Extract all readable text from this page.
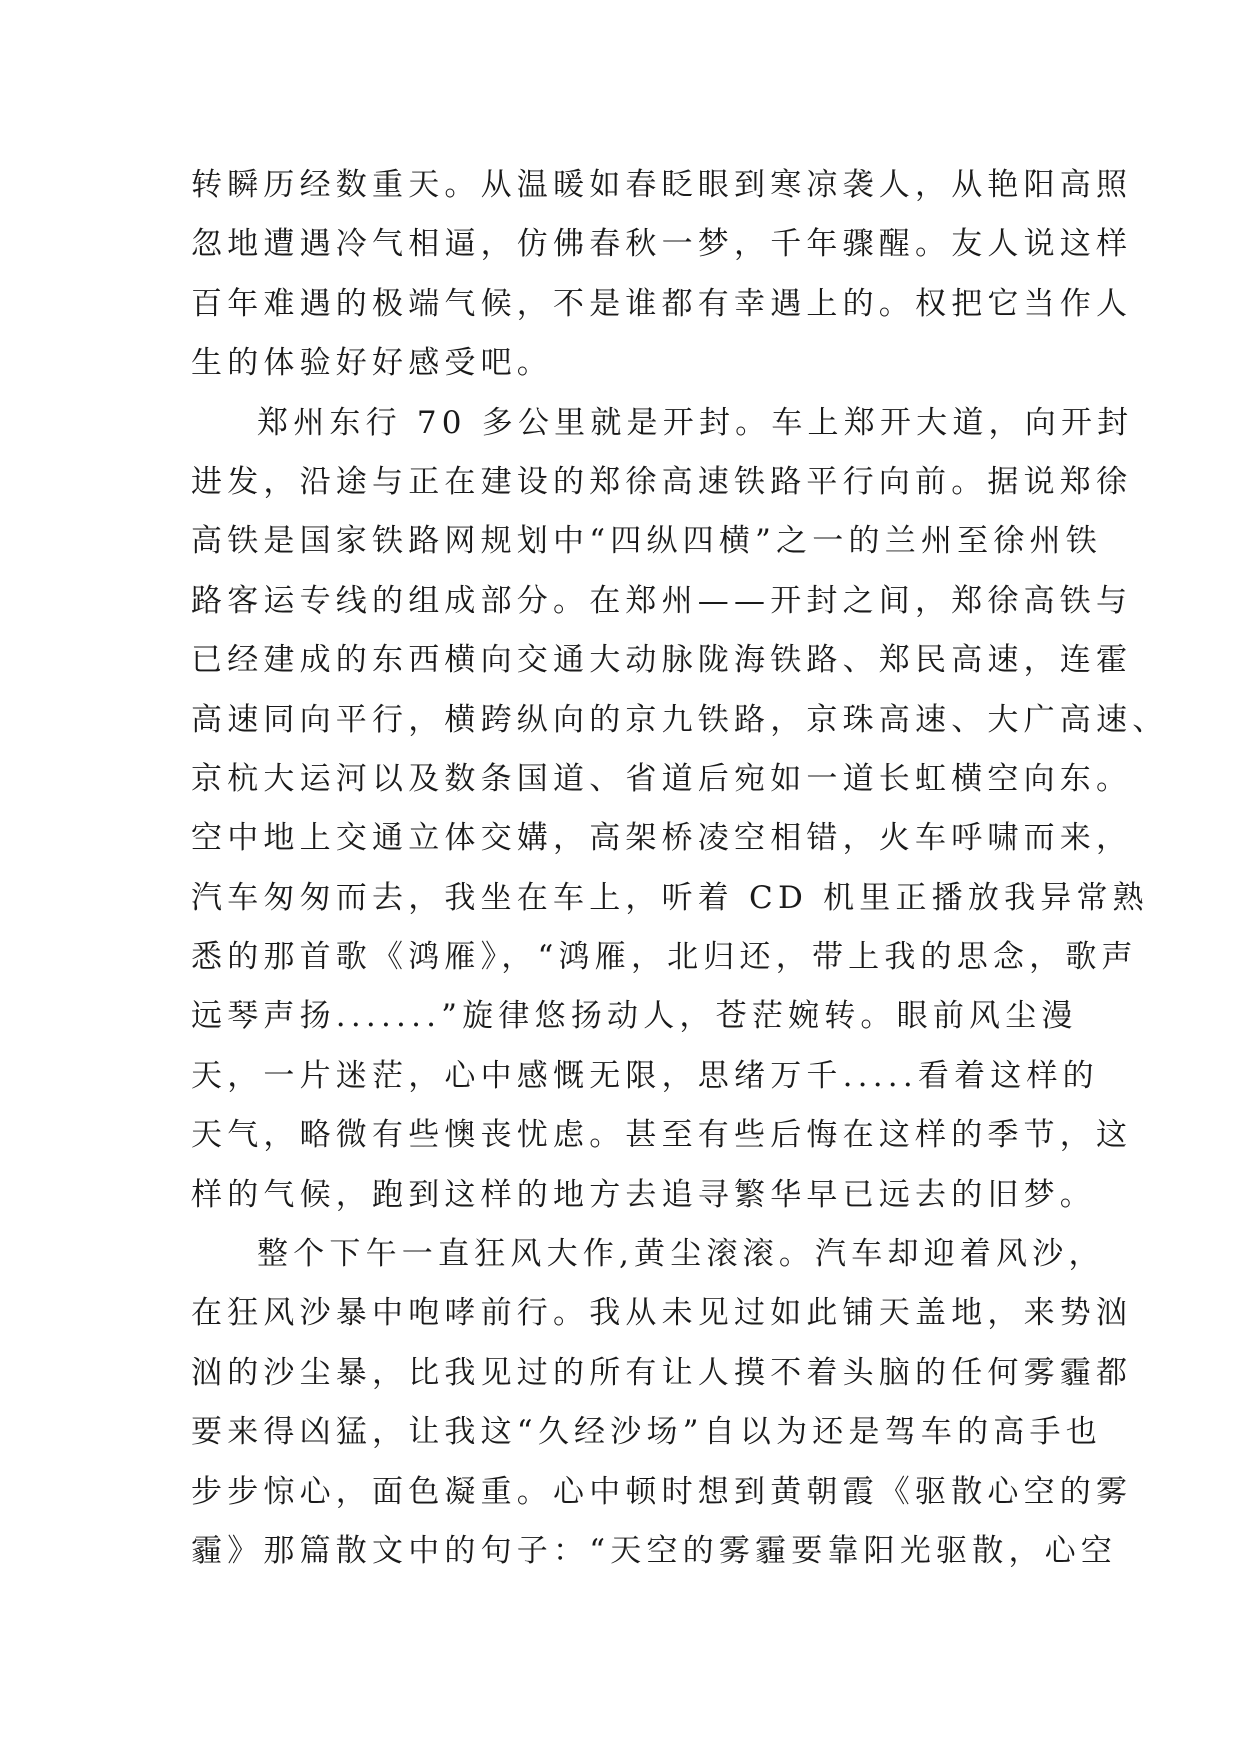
转瞬历经数重天。从温暖如春眨眼到寒凉袭人，从艳阳高照
忽地遭遇冷气相逼，仿佛春秋一梦，千年骤醒。友人说这样
百年难遇的极端气候，不是谁都有幸遇上的。权把它当作人
生的体验好好感受吧。
郑州东行 70 多公里就是开封。车上郑开大道，向开封
进发，沿途与正在建设的郑徐高速铁路平行向前。据说郑徐
高铁是国家铁路网规划中“四纵四横”之一的兰州至徐州铁
路客运专线的组成部分。在郑州——开封之间，郑徐高铁与
已经建成的东西横向交通大动脉陇海铁路、郑民高速，连霍
高速同向平行，横跨纵向的京九铁路，京珠高速、大广高速、
京杭大运河以及数条国道、省道后宛如一道长虹横空向东。
空中地上交通立体交媾，高架桥凌空相错，火车呼啸而来，
汽车匆匆而去，我坐在车上，听着 CD 机里正播放我异常熟
悉的那首歌《鸿雁》，“鸿雁，北归还，带上我的思念，歌声
远琴声扬.......”旋律悠扬动人，苍茫婉转。眼前风尘漫
天，一片迷茫，心中感慨无限，思绪万千.....看着这样的
天气，略微有些懊丧忧虑。甚至有些后悔在这样的季节，这
样的气候，跑到这样的地方去追寻繁华早已远去的旧梦。
整个下午一直狂风大作,黄尘滚滚。汽车却迎着风沙，
在狂风沙暴中咆哮前行。我从未见过如此铺天盖地，来势汹
汹的沙尘暴，比我见过的所有让人摸不着头脑的任何雾霾都
要来得凶猛，让我这“久经沙场”自以为还是驾车的高手也
步步惊心，面色凝重。心中顿时想到黄朝霞《驱散心空的雾
霾》那篇散文中的句子：“天空的雾霾要靠阳光驱散，心空
